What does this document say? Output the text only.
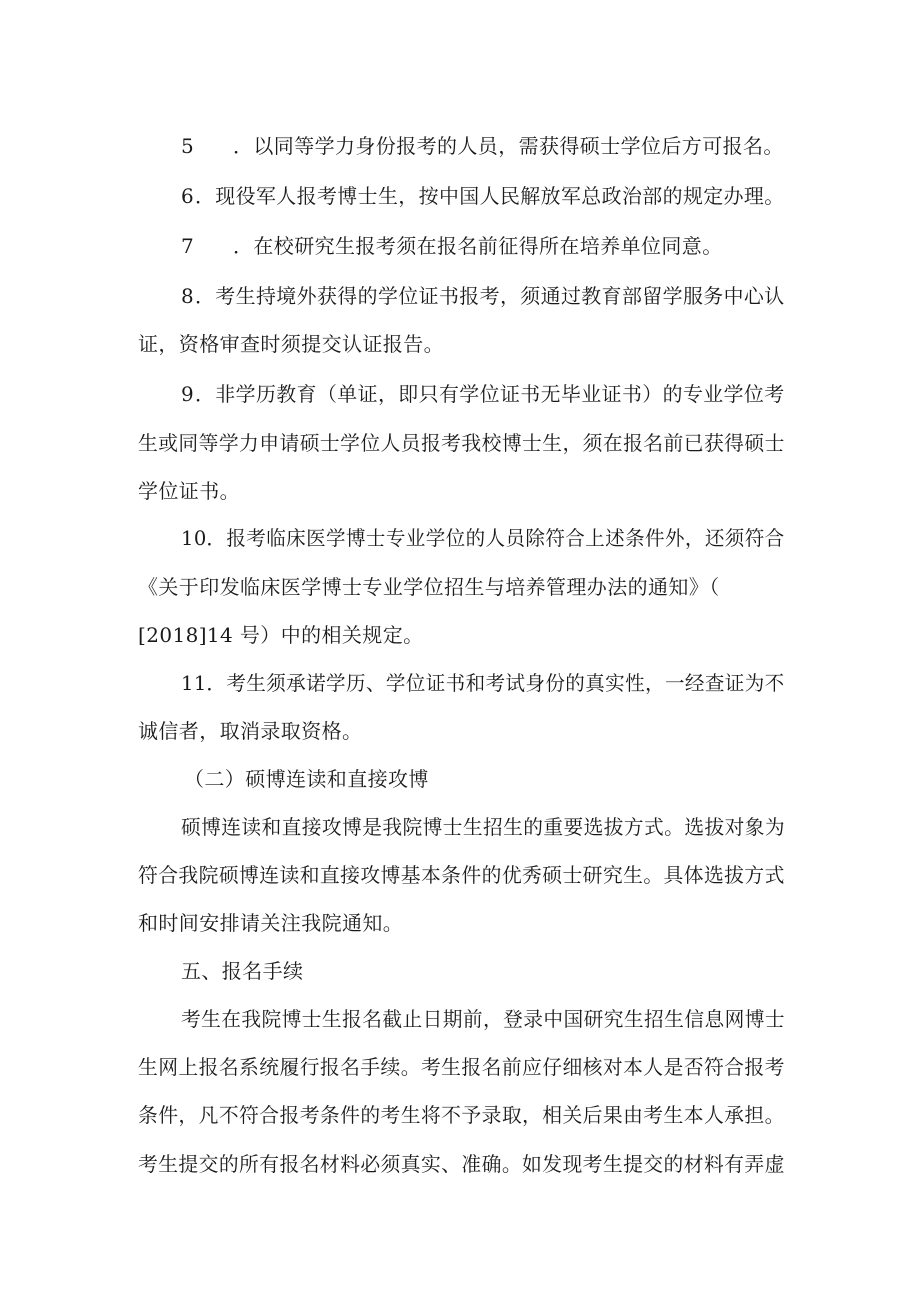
5 ．以同等学力身份报考的人员，需获得硕士学位后方可报名。
6．现役军人报考博士生，按中国人民解放军总政治部的规定办理。
7 ．在校研究生报考须在报名前征得所在培养单位同意。
8．考生持境外获得的学位证书报考，须通过教育部留学服务中心认
证，资格审查时须提交认证报告。
9．非学历教育（单证，即只有学位证书无毕业证书）的专业学位考
生或同等学力申请硕士学位人员报考我校博士生，须在报名前已获得硕士
学位证书。
10．报考临床医学博士专业学位的人员除符合上述条件外，还须符合
《关于印发临床医学博士专业学位招生与培养管理办法的通知》（
[2018]14 号）中的相关规定。
11．考生须承诺学历、学位证书和考试身份的真实性，一经查证为不
诚信者，取消录取资格。
（二）硕博连读和直接攻博
硕博连读和直接攻博是我院博士生招生的重要选拔方式。选拔对象为
符合我院硕博连读和直接攻博基本条件的优秀硕士研究生。具体选拔方式
和时间安排请关注我院通知。
五、报名手续
考生在我院博士生报名截止日期前，登录中国研究生招生信息网博士
生网上报名系统履行报名手续。考生报名前应仔细核对本人是否符合报考
条件，凡不符合报考条件的考生将不予录取，相关后果由考生本人承担。
考生提交的所有报名材料必须真实、准确。如发现考生提交的材料有弄虚
